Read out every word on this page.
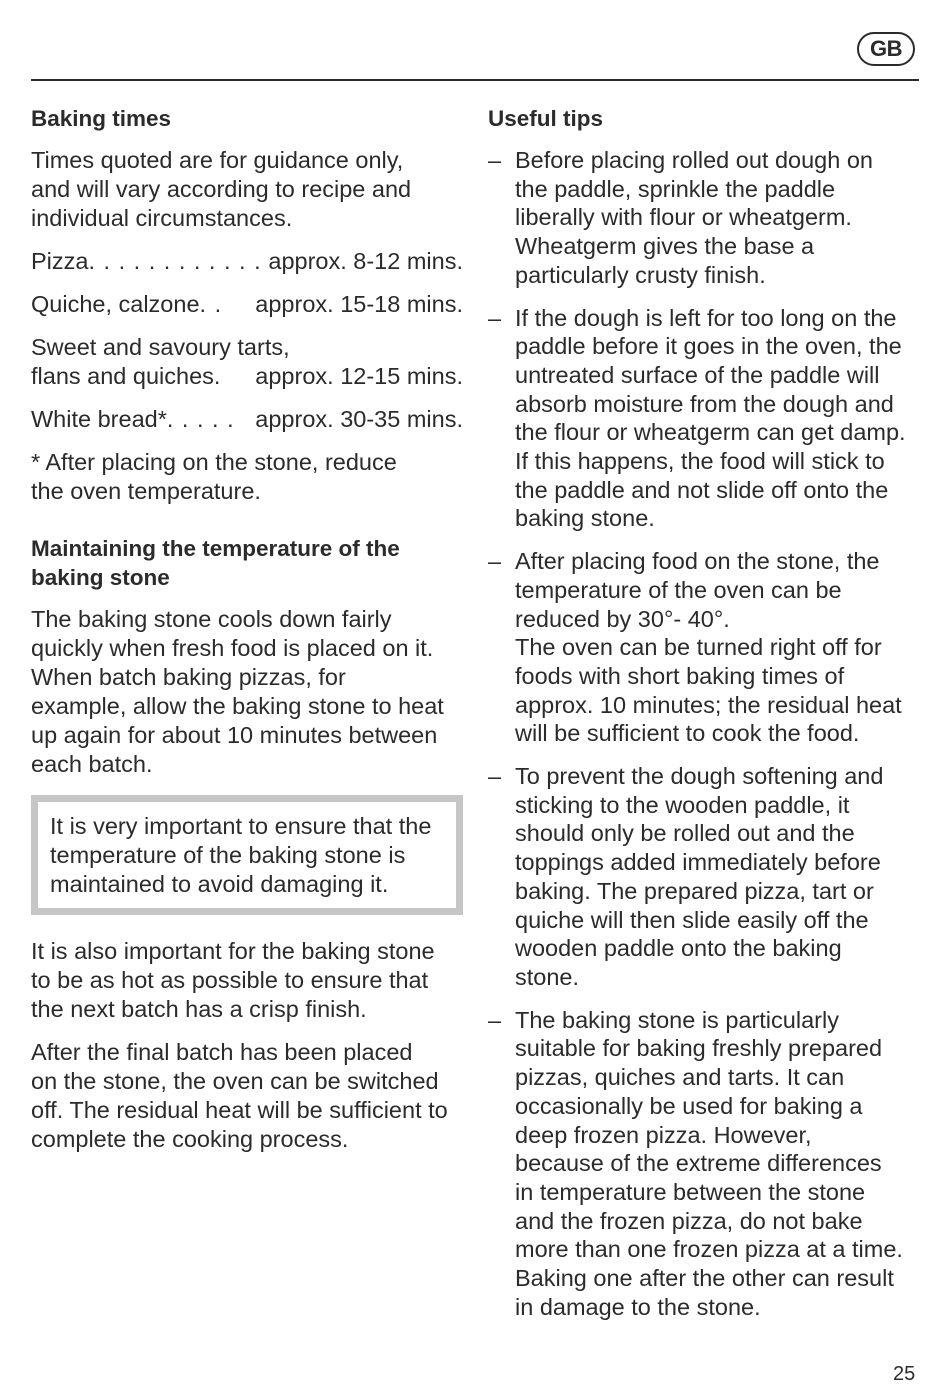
GB
Baking times
Times quoted are for guidance only,
and will vary according to recipe and
individual circumstances.
Pizza . . . . . . . . . . . . approx. 8-12 mins.
Quiche, calzone . .	approx. 15-18 mins.
Sweet and savoury tarts,
flans and quiches .	approx. 12-15 mins.
White bread* . . . . . approx. 30-35 mins.
* After placing on the stone, reduce
the oven temperature.
Maintaining the temperature of the
baking stone
The baking stone cools down fairly
quickly when fresh food is placed on it.
When batch baking pizzas, for
example, allow the baking stone to heat
up again for about 10 minutes between
each batch.
It is very important to ensure that the
temperature of the baking stone is
maintained to avoid damaging it.
It is also important for the baking stone
to be as hot as possible to ensure that
the next batch has a crisp finish.
After the final batch has been placed
on the stone, the oven can be switched
off. The residual heat will be sufficient to
complete the cooking process.
Useful tips
– Before placing rolled out dough on
the paddle, sprinkle the paddle
liberally with flour or wheatgerm.
Wheatgerm gives the base a
particularly crusty finish.
– If the dough is left for too long on the
paddle before it goes in the oven, the
untreated surface of the paddle will
absorb moisture from the dough and
the flour or wheatgerm can get damp.
If this happens, the food will stick to
the paddle and not slide off onto the
baking stone.
– After placing food on the stone, the
temperature of the oven can be
reduced by 30°- 40°.
The oven can be turned right off for
foods with short baking times of
approx. 10 minutes; the residual heat
will be sufficient to cook the food.
– To prevent the dough softening and
sticking to the wooden paddle, it
should only be rolled out and the
toppings added immediately before
baking. The prepared pizza, tart or
quiche will then slide easily off the
wooden paddle onto the baking
stone.
– The baking stone is particularly
suitable for baking freshly prepared
pizzas, quiches and tarts. It can
occasionally be used for baking a
deep frozen pizza. However,
because of the extreme differences
in temperature between the stone
and the frozen pizza, do not bake
more than one frozen pizza at a time.
Baking one after the other can result
in damage to the stone.
25
